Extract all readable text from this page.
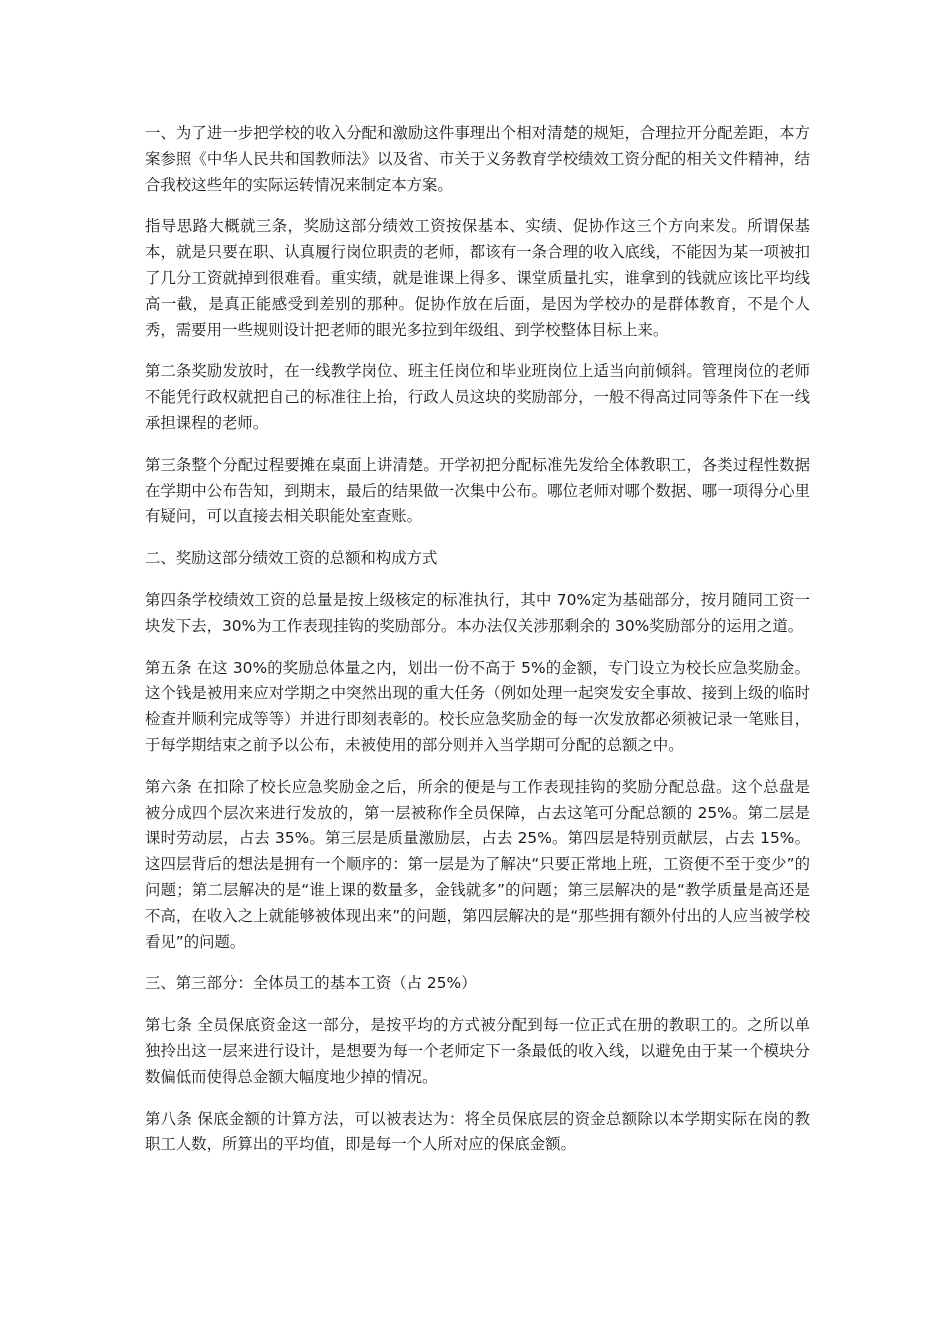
一、为了进一步把学校的收入分配和激励这件事理出个相对清楚的规矩，合理拉开分配差距，本方案参照《中华人民共和国教师法》以及省、市关于义务教育学校绩效工资分配的相关文件精神，结合我校这些年的实际运转情况来制定本方案。

指导思路大概就三条，奖励这部分绩效工资按保基本、实绩、促协作这三个方向来发。所谓保基本，就是只要在职、认真履行岗位职责的老师，都该有一条合理的收入底线，不能因为某一项被扣了几分工资就掉到很难看。重实绩，就是谁课上得多、课堂质量扎实，谁拿到的钱就应该比平均线高一截，是真正能感受到差别的那种。促协作放在后面，是因为学校办的是群体教育，不是个人秀，需要用一些规则设计把老师的眼光多拉到年级组、到学校整体目标上来。

第二条奖励发放时，在一线教学岗位、班主任岗位和毕业班岗位上适当向前倾斜。管理岗位的老师不能凭行政权就把自己的标准往上抬，行政人员这块的奖励部分，一般不得高过同等条件下在一线承担课程的老师。

第三条整个分配过程要摊在桌面上讲清楚。开学初把分配标准先发给全体教职工，各类过程性数据在学期中公布告知，到期末，最后的结果做一次集中公布。哪位老师对哪个数据、哪一项得分心里有疑问，可以直接去相关职能处室查账。

二、奖励这部分绩效工资的总额和构成方式

第四条学校绩效工资的总量是按上级核定的标准执行，其中 70%定为基础部分，按月随同工资一块发下去，30%为工作表现挂钩的奖励部分。本办法仅关涉那剩余的 30%奖励部分的运用之道。

第五条 在这 30%的奖励总体量之内，划出一份不高于 5%的金额，专门设立为校长应急奖励金。这个钱是被用来应对学期之中突然出现的重大任务（例如处理一起突发安全事故、接到上级的临时检查并顺利完成等等）并进行即刻表彰的。校长应急奖励金的每一次发放都必须被记录一笔账目，于每学期结束之前予以公布，未被使用的部分则并入当学期可分配的总额之中。

第六条 在扣除了校长应急奖励金之后，所余的便是与工作表现挂钩的奖励分配总盘。这个总盘是被分成四个层次来进行发放的，第一层被称作全员保障，占去这笔可分配总额的 25%。第二层是课时劳动层，占去 35%。第三层是质量激励层，占去 25%。第四层是特别贡献层，占去 15%。这四层背后的想法是拥有一个顺序的：第一层是为了解决“只要正常地上班，工资便不至于变少”的问题；第二层解决的是“谁上课的数量多，金钱就多”的问题；第三层解决的是“教学质量是高还是不高，在收入之上就能够被体现出来”的问题，第四层解决的是“那些拥有额外付出的人应当被学校看见”的问题。

三、第三部分：全体员工的基本工资（占 25%）

第七条 全员保底资金这一部分，是按平均的方式被分配到每一位正式在册的教职工的。之所以单独拎出这一层来进行设计，是想要为每一个老师定下一条最低的收入线，以避免由于某一个模块分数偏低而使得总金额大幅度地少掉的情况。

第八条 保底金额的计算方法，可以被表达为：将全员保底层的资金总额除以本学期实际在岗的教职工人数，所算出的平均值，即是每一个人所对应的保底金额。
